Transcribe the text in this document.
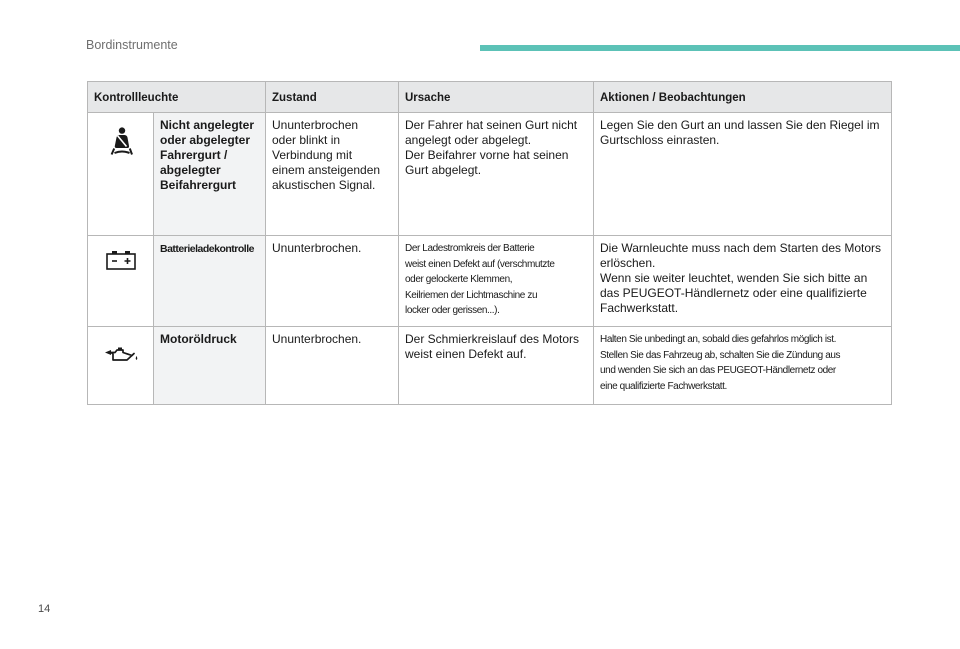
Bordinstrumente
Kontrollleuchte		Zustand	Ursache	Aktionen / Beobachtungen

	Nicht angelegter
oder abgelegter
Fahrergurt /
abgelegter
Beifahrergurt	Ununterbrochen
oder blinkt in
Verbindung mit
einem ansteigenden
akustischen Signal.	Der Fahrer hat seinen Gurt nicht
angelegt oder abgelegt.
Der Beifahrer vorne hat seinen
Gurt abgelegt.	Legen Sie den Gurt an und lassen Sie den Riegel im
Gurtschloss einrasten.

	Batterieladekontrolle	Ununterbrochen.	Der Ladestromkreis der Batterie
weist einen Defekt auf (verschmutzte
oder gelockerte Klemmen,
Keilriemen der Lichtmaschine zu
locker oder gerissen...).	Die Warnleuchte muss nach dem Starten des Motors
erlöschen.
Wenn sie weiter leuchtet, wenden Sie sich bitte an
das PEUGEOT-Händlernetz oder eine qualifizierte
Fachwerkstatt.

	Motoröldruck	Ununterbrochen.	Der Schmierkreislauf des Motors
weist einen Defekt auf.	Halten Sie unbedingt an, sobald dies gefahrlos möglich ist.
Stellen Sie das Fahrzeug ab, schalten Sie die Zündung aus
und wenden Sie sich an das PEUGEOT-Händlernetz oder
eine qualifizierte Fachwerkstatt.
14
